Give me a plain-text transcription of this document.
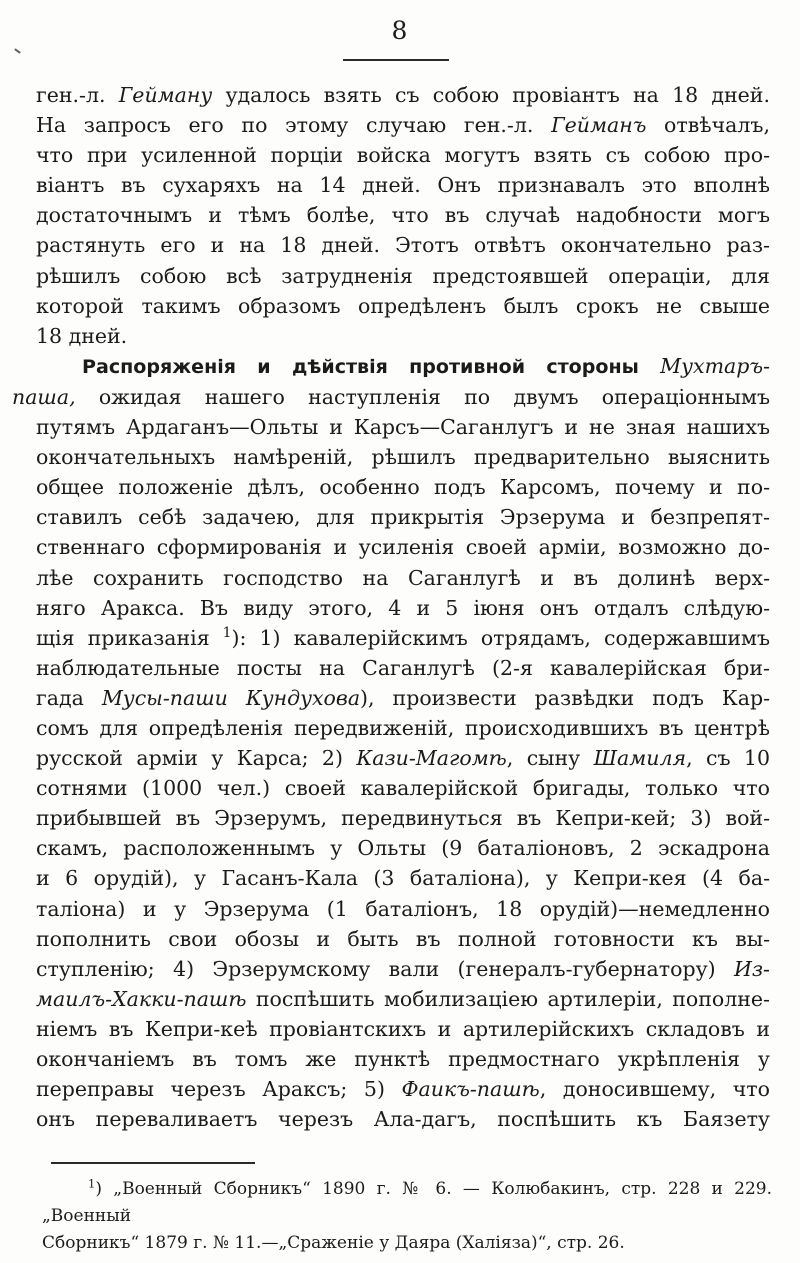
8
ген.-л. Гейману удалось взять съ собою провіантъ на 18 дней.
На запросъ его по этому случаю ген.-л. Гейманъ отвѣчалъ,
что при усиленной порціи войска могутъ взять съ собою про-
віантъ въ сухаряхъ на 14 дней. Онъ признавалъ это вполнѣ
достаточнымъ и тѣмъ болѣе, что въ случаѣ надобности могъ
растянуть его и на 18 дней. Этотъ отвѣтъ окончательно раз-
рѣшилъ собою всѣ затрудненія предстоявшей операціи, для
которой такимъ образомъ опредѣленъ былъ срокъ не свыше
18 дней.
Распоряженія и дѣйствія противной стороны Мухтаръ-
паша, ожидая нашего наступленія по двумъ операціоннымъ
путямъ Ардаганъ—Ольты и Карсъ—Саганлугъ и не зная нашихъ
окончательныхъ намѣреній, рѣшилъ предварительно выяснить
общее положеніе дѣлъ, особенно подъ Карсомъ, почему и по-
ставилъ себѣ задачею, для прикрытія Эрзерума и безпрепят-
ственнаго сформированія и усиленія своей арміи, возможно до-
лѣе сохранить господство на Саганлугѣ и въ долинѣ верх-
няго Аракса. Въ виду этого, 4 и 5 іюня онъ отдалъ слѣдую-
щія приказанія $^1$): 1) кавалерійскимъ отрядамъ, содержавшимъ
наблюдательные посты на Саганлугѣ (2-я кавалерійская бри-
гада Мусы-паши Кундухова), произвести развѣдки подъ Кар-
сомъ для опредѣленія передвиженій, происходившихъ въ центрѣ
русской арміи у Карса; 2) Кази-Магомѣ, сыну Шамиля, съ 10
сотнями (1000 чел.) своей кавалерійской бригады, только что
прибывшей въ Эрзерумъ, передвинуться въ Кепри-кей; 3) вой-
скамъ, расположеннымъ у Ольты (9 баталіоновъ, 2 эскадрона
и 6 орудій), у Гасанъ-Кала (3 баталіона), у Кепри-кея (4 ба-
таліона) и у Эрзерума (1 баталіонъ, 18 орудій)—немедленно
пополнить свои обозы и быть въ полной готовности къ вы-
ступленію; 4) Эрзерумскому вали (генералъ-губернатору) Из-
маилъ-Хакки-пашѣ поспѣшить мобилизаціею артилеріи, пополне-
ніемъ въ Кепри-кеѣ провіантскихъ и артилерійскихъ складовъ и
окончаніемъ въ томъ же пунктѣ предмостнаго укрѣпленія у
переправы черезъ Араксъ; 5) Фаикъ-пашѣ, доносившему, что
онъ переваливаетъ черезъ Ала-дагъ, поспѣшить къ Баязету
$^1$) „Военный Сборникъ“ 1890 г. № 6. — Колюбакинъ, стр. 228 и 229. „Военный
Сборникъ“ 1879 г. № 11.—„Сраженіе у Даяра (Халіяза)“, стр. 26.
